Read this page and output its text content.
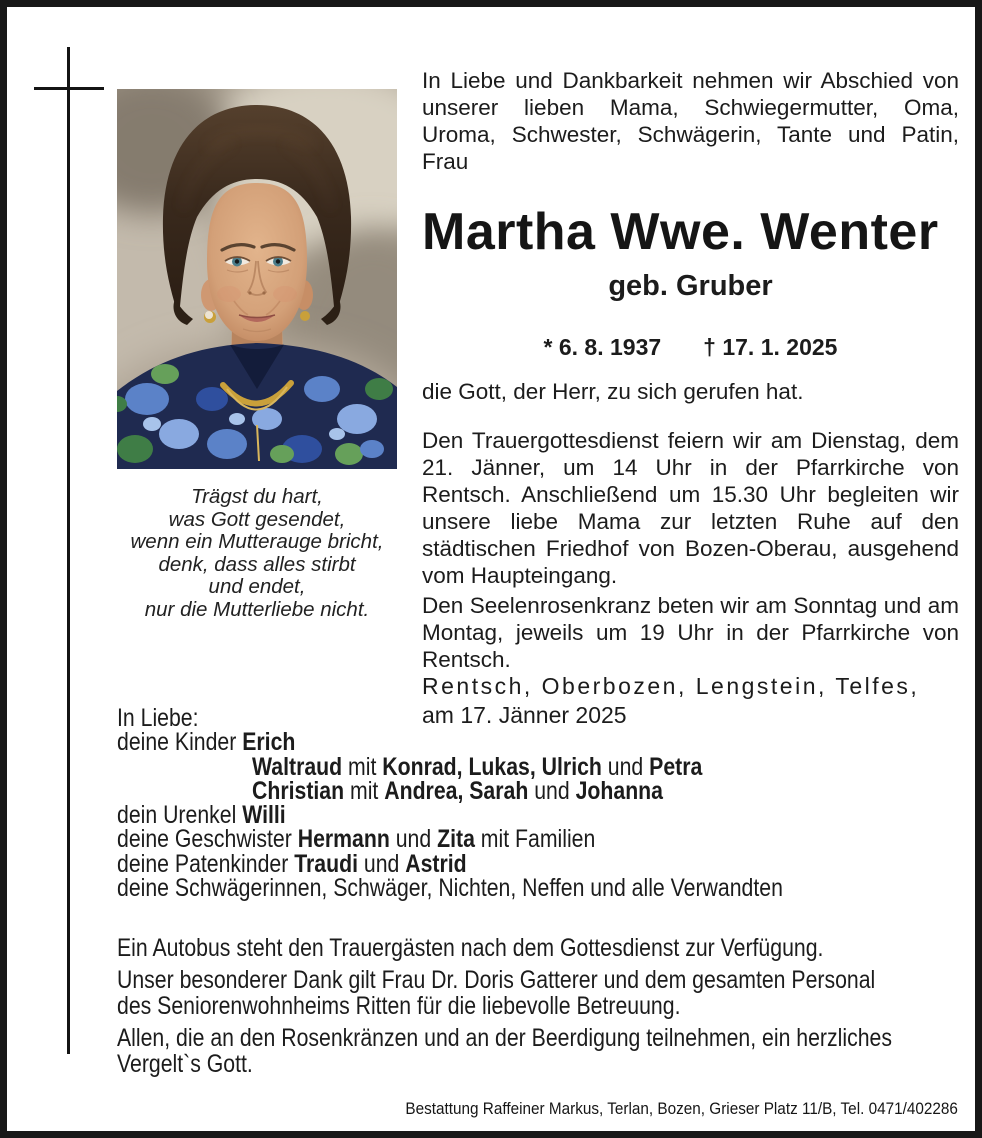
Trägst du hart,
was Gott gesendet,
wenn ein Mutterauge bricht,
denk, dass alles stirbt
und endet,
nur die Mutterliebe nicht.
In Liebe und Dankbarkeit nehmen wir Abschied von unserer lieben Mama, Schwiegermutter, Oma, Uroma, Schwester, Schwägerin, Tante und Patin, Frau
Martha Wwe. Wenter
geb. Gruber
* 6. 8. 1937 † 17. 1. 2025
die Gott, der Herr, zu sich gerufen hat.
Den Trauergottesdienst feiern wir am Dienstag, dem 21. Jänner, um 14 Uhr in der Pfarrkirche von Rentsch. Anschließend um 15.30 Uhr begleiten wir unsere liebe Mama zur letzten Ruhe auf den städtischen Friedhof von Bozen-Oberau, ausgehend vom Haupteingang.
Den Seelenrosenkranz beten wir am Sonntag und am Montag, jeweils um 19 Uhr in der Pfarrkirche von Rentsch.
Rentsch, Oberbozen, Lengstein, Telfes,
am 17. Jänner 2025
In Liebe:
deine Kinder Erich
Waltraud mit Konrad, Lukas, Ulrich und Petra
Christian mit Andrea, Sarah und Johanna
dein Urenkel Willi
deine Geschwister Hermann und Zita mit Familien
deine Patenkinder Traudi und Astrid
deine Schwägerinnen, Schwäger, Nichten, Neffen und alle Verwandten
Ein Autobus steht den Trauergästen nach dem Gottesdienst zur Verfügung.
Unser besonderer Dank gilt Frau Dr. Doris Gatterer und dem gesamten Personal
des Seniorenwohnheims Ritten für die liebevolle Betreuung.
Allen, die an den Rosenkränzen und an der Beerdigung teilnehmen, ein herzliches
Vergelt`s Gott.
Bestattung Raffeiner Markus, Terlan, Bozen, Grieser Platz 11/B, Tel. 0471/402286
